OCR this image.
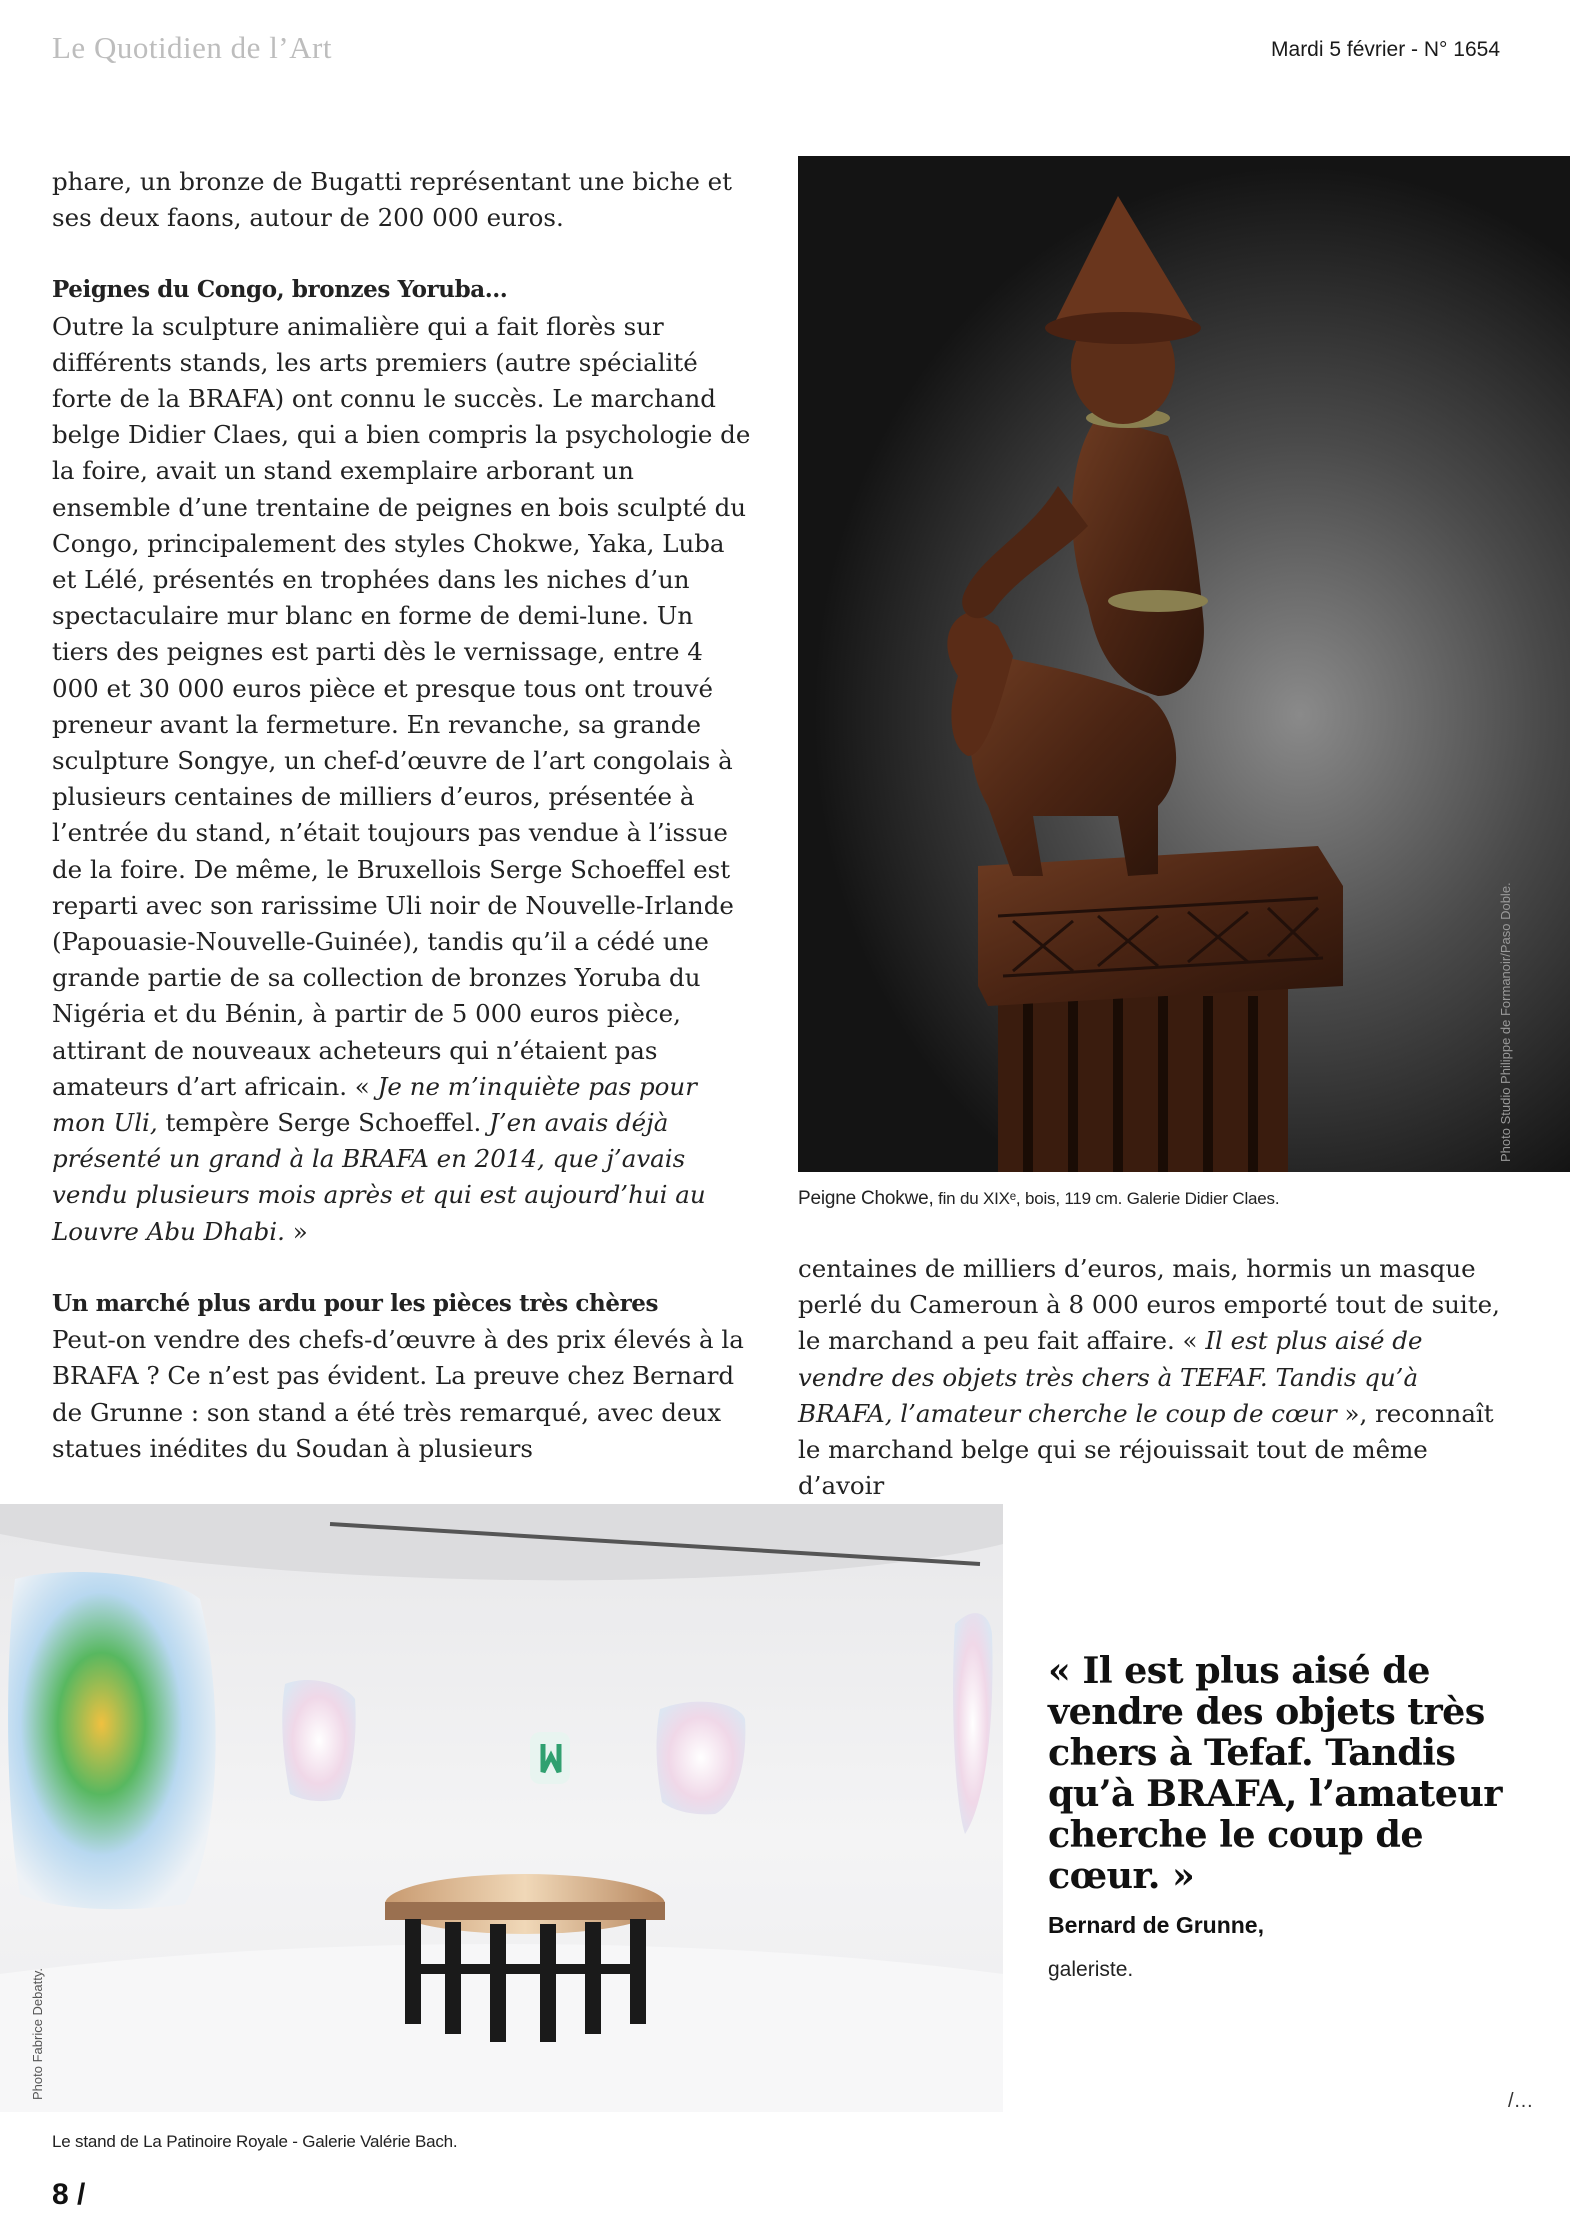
Le Quotidien de l’Art	Mardi 5 février - N° 1654

phare, un bronze de Bugatti représentant une biche et ses deux faons, autour de 200 000 euros.

Peignes du Congo, bronzes Yoruba…

Outre la sculpture animalière qui a fait florès sur différents stands, les arts premiers (autre spécialité forte de la BRAFA) ont connu le succès. Le marchand belge Didier Claes, qui a bien compris la psychologie de la foire, avait un stand exemplaire arborant un ensemble d’une trentaine de peignes en bois sculpté du Congo, principalement des styles Chokwe, Yaka, Luba et Lélé, présentés en trophées dans les niches d’un spectaculaire mur blanc en forme de demi-lune. Un tiers des peignes est parti dès le vernissage, entre 4 000 et 30 000 euros pièce et presque tous ont trouvé preneur avant la fermeture. En revanche, sa grande sculpture Songye, un chef-d’œuvre de l’art congolais à plusieurs centaines de milliers d’euros, présentée à l’entrée du stand, n’était toujours pas vendue à l’issue de la foire. De même, le Bruxellois Serge Schoeffel est reparti avec son rarissime Uli noir de Nouvelle-Irlande (Papouasie-Nouvelle-Guinée), tandis qu’il a cédé une grande partie de sa collection de bronzes Yoruba du Nigéria et du Bénin, à partir de 5 000 euros pièce, attirant de nouveaux acheteurs qui n’étaient pas amateurs d’art africain. « Je ne m’inquiète pas pour mon Uli, tempère Serge Schoeffel. J’en avais déjà présenté un grand à la BRAFA en 2014, que j’avais vendu plusieurs mois après et qui est aujourd’hui au Louvre Abu Dhabi. »

Un marché plus ardu pour les pièces très chères

Peut-on vendre des chefs-d’œuvre à des prix élevés à la BRAFA ? Ce n’est pas évident. La preuve chez Bernard de Grunne : son stand a été très remarqué, avec deux statues inédites du Soudan à plusieurs

Photo Studio Philippe de Formanoir/Paso Doble.
Peigne Chokwe, fin du XIXᵉ, bois, 119 cm. Galerie Didier Claes.

centaines de milliers d’euros, mais, hormis un masque perlé du Cameroun à 8 000 euros emporté tout de suite, le marchand a peu fait affaire. « Il est plus aisé de vendre des objets très chers à TEFAF. Tandis qu’à BRAFA, l’amateur cherche le coup de cœur », reconnaît le marchand belge qui se réjouissait tout de même d’avoir

Photo Fabrice Debatty.
Le stand de La Patinoire Royale - Galerie Valérie Bach.
« Il est plus aisé de vendre des objets très chers à Tefaf. Tandis qu’à BRAFA, l’amateur cherche le coup de cœur. »
Bernard de Grunne,
galeriste.
/…
8 /
